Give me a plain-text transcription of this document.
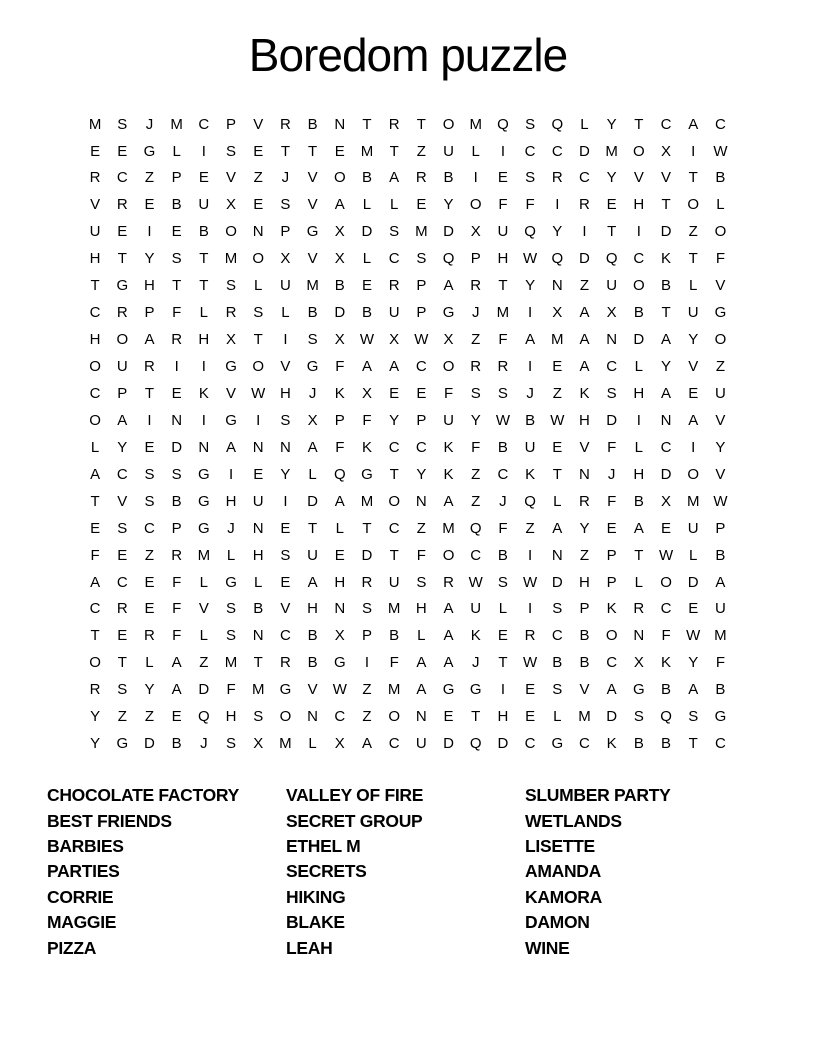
Boredom puzzle
M	S	J	M	C	P	V	R	B	N	T	R	T	O	M	Q	S	Q	L	Y	T	C	A	C
E	E	G	L	I	S	E	T	T	E	M	T	Z	U	L	I	C	C	D	M	O	X	I	W
R	C	Z	P	E	V	Z	J	V	O	B	A	R	B	I	E	S	R	C	Y	V	V	T	B
V	R	E	B	U	X	E	S	V	A	L	L	E	Y	O	F	F	I	R	E	H	T	O	L
U	E	I	E	B	O	N	P	G	X	D	S	M	D	X	U	Q	Y	I	T	I	D	Z	O
H	T	Y	S	T	M	O	X	V	X	L	C	S	Q	P	H W Q	D	Q	C	K	T	F
T	G	H	T	T	S	L	U	M	B	E	R	P	A	R	T	Y	N	Z	U	O	B	L	V
C	R	P	F	L	R	S	L	B	D	B	U	P	G	J	M	I	X	A	X	B	T	U	G
H	O	A	R	H	X	T	I	S	X	W	X	W	X	Z	F	A	M	A	N	D	A	Y	O
O	U	R	I	I	G	O	V	G	F	A	A	C	O	R	R	I	E	A	C	L	Y	V	Z
C	P	T	E	K	V	W H	J	K	X	E	E	F	S	S	J	Z	K	S	H	A	E	U
O	A	I	N	I	G	I	S	X	P	F	Y	P	U	Y	W	B	W H	D	I	N	A	V
L	Y	E	D	N	A	N	N	A	F	K	C	C	K	F	B	U	E	V	F	L	C	I	Y
A	C	S	S	G	I	E	Y	L	Q	G	T	Y	K	Z	C	K	T	N	J	H	D	O	V
T	V	S	B	G	H	U	I	D	A	M	O	N	A	Z	J	Q	L	R	F	B	X	M W
E	S	C	P	G	J	N	E	T	L	T	C	Z	M	Q	F	Z	A	Y	E	A	E	U	P
F	E	Z	R	M	L	H	S	U	E	D	T	F	O	C	B	I	N	Z	P	T	W	L	B
A	C	E	F	L	G	L	E	A	H	R	U	S	R W	S	W D	H	P	L	O	D	A
C	R	E	F	V	S	B	V	H	N	S	M	H	A	U	L	I	S	P	K	R	C	E	U
T	E	R	F	L	S	N	C	B	X	P	B	L	A	K	E	R	C	B	O	N	F	W M
O	T	L	A	Z	M	T	R	B	G	I	F	A	A	J	T	W	B	B	C	X	K	Y	F
R	S	Y	A	D	F	M	G	V	W	Z	M	A	G	G	I	E	S	V	A	G	B	A	B
Y	Z	Z	E	Q	H	S	O	N	C	Z	O	N	E	T	H	E	L	M	D	S	Q	S	G
Y	G	D	B	J	S	X	M	L	X	A	C	U	D	Q	D	C	G	C	K	B	B	T	C
CHOCOLATE FACTORY
BEST FRIENDS
BARBIES
PARTIES
CORRIE
MAGGIE
PIZZA
VALLEY OF FIRE
SECRET GROUP
ETHEL M
SECRETS
HIKING
BLAKE
LEAH
SLUMBER PARTY
WETLANDS
LISETTE
AMANDA
KAMORA
DAMON
WINE
